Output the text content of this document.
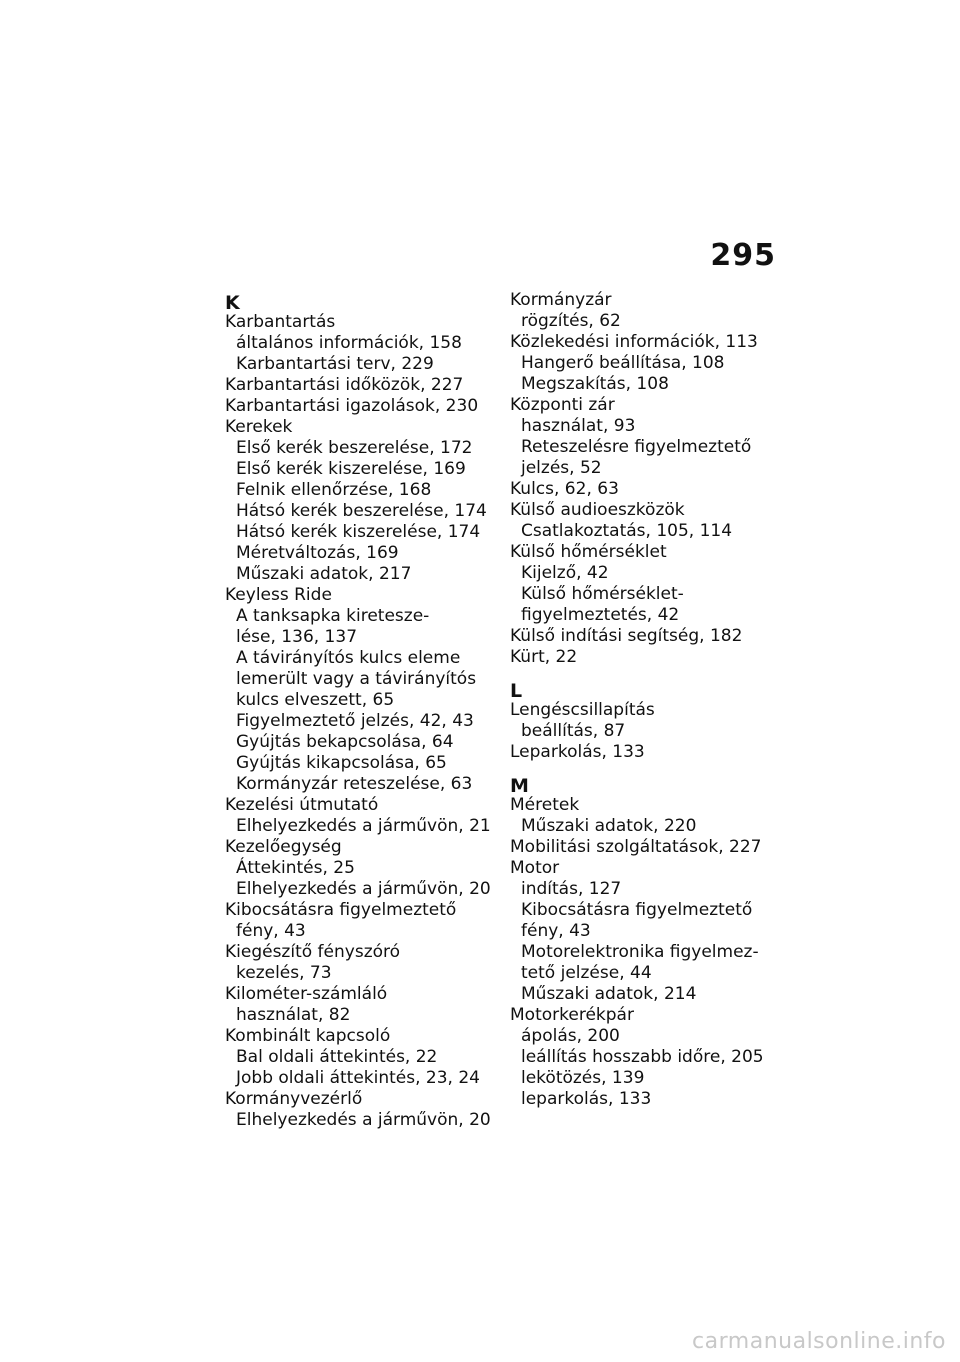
295
K
Karbantartás
általános információk, 158
Karbantartási terv, 229
Karbantartási időközök, 227
Karbantartási igazolások, 230
Kerekek
Első kerék beszerelése, 172
Első kerék kiszerelése, 169
Felnik ellenőrzése, 168
Hátsó kerék beszerelése, 174
Hátsó kerék kiszerelése, 174
Méretváltozás, 169
Műszaki adatok, 217
Keyless Ride
A tanksapka kiretesze-
lése, 136, 137
A távirányítós kulcs eleme
lemerült vagy a távirányítós
kulcs elveszett, 65
Figyelmeztető jelzés, 42, 43
Gyújtás bekapcsolása, 64
Gyújtás kikapcsolása, 65
Kormányzár reteszelése, 63
Kezelési útmutató
Elhelyezkedés a járművön, 21
Kezelőegység
Áttekintés, 25
Elhelyezkedés a járművön, 20
Kibocsátásra figyelmeztető
fény, 43
Kiegészítő fényszóró
kezelés, 73
Kilométer-számláló
használat, 82
Kombinált kapcsoló
Bal oldali áttekintés, 22
Jobb oldali áttekintés, 23, 24
Kormányvezérlő
Elhelyezkedés a járművön, 20
Kormányzár
rögzítés, 62
Közlekedési információk, 113
Hangerő beállítása, 108
Megszakítás, 108
Központi zár
használat, 93
Reteszelésre figyelmeztető
jelzés, 52
Kulcs, 62, 63
Külső audioeszközök
Csatlakoztatás, 105, 114
Külső hőmérséklet
Kijelző, 42
Külső hőmérséklet-
figyelmeztetés, 42
Külső indítási segítség, 182
Kürt, 22
L
Lengéscsillapítás
beállítás, 87
Leparkolás, 133
M
Méretek
Műszaki adatok, 220
Mobilitási szolgáltatások, 227
Motor
indítás, 127
Kibocsátásra figyelmeztető
fény, 43
Motorelektronika figyelmez-
tető jelzése, 44
Műszaki adatok, 214
Motorkerékpár
ápolás, 200
leállítás hosszabb időre, 205
lekötözés, 139
leparkolás, 133
carmanualsonline.info
